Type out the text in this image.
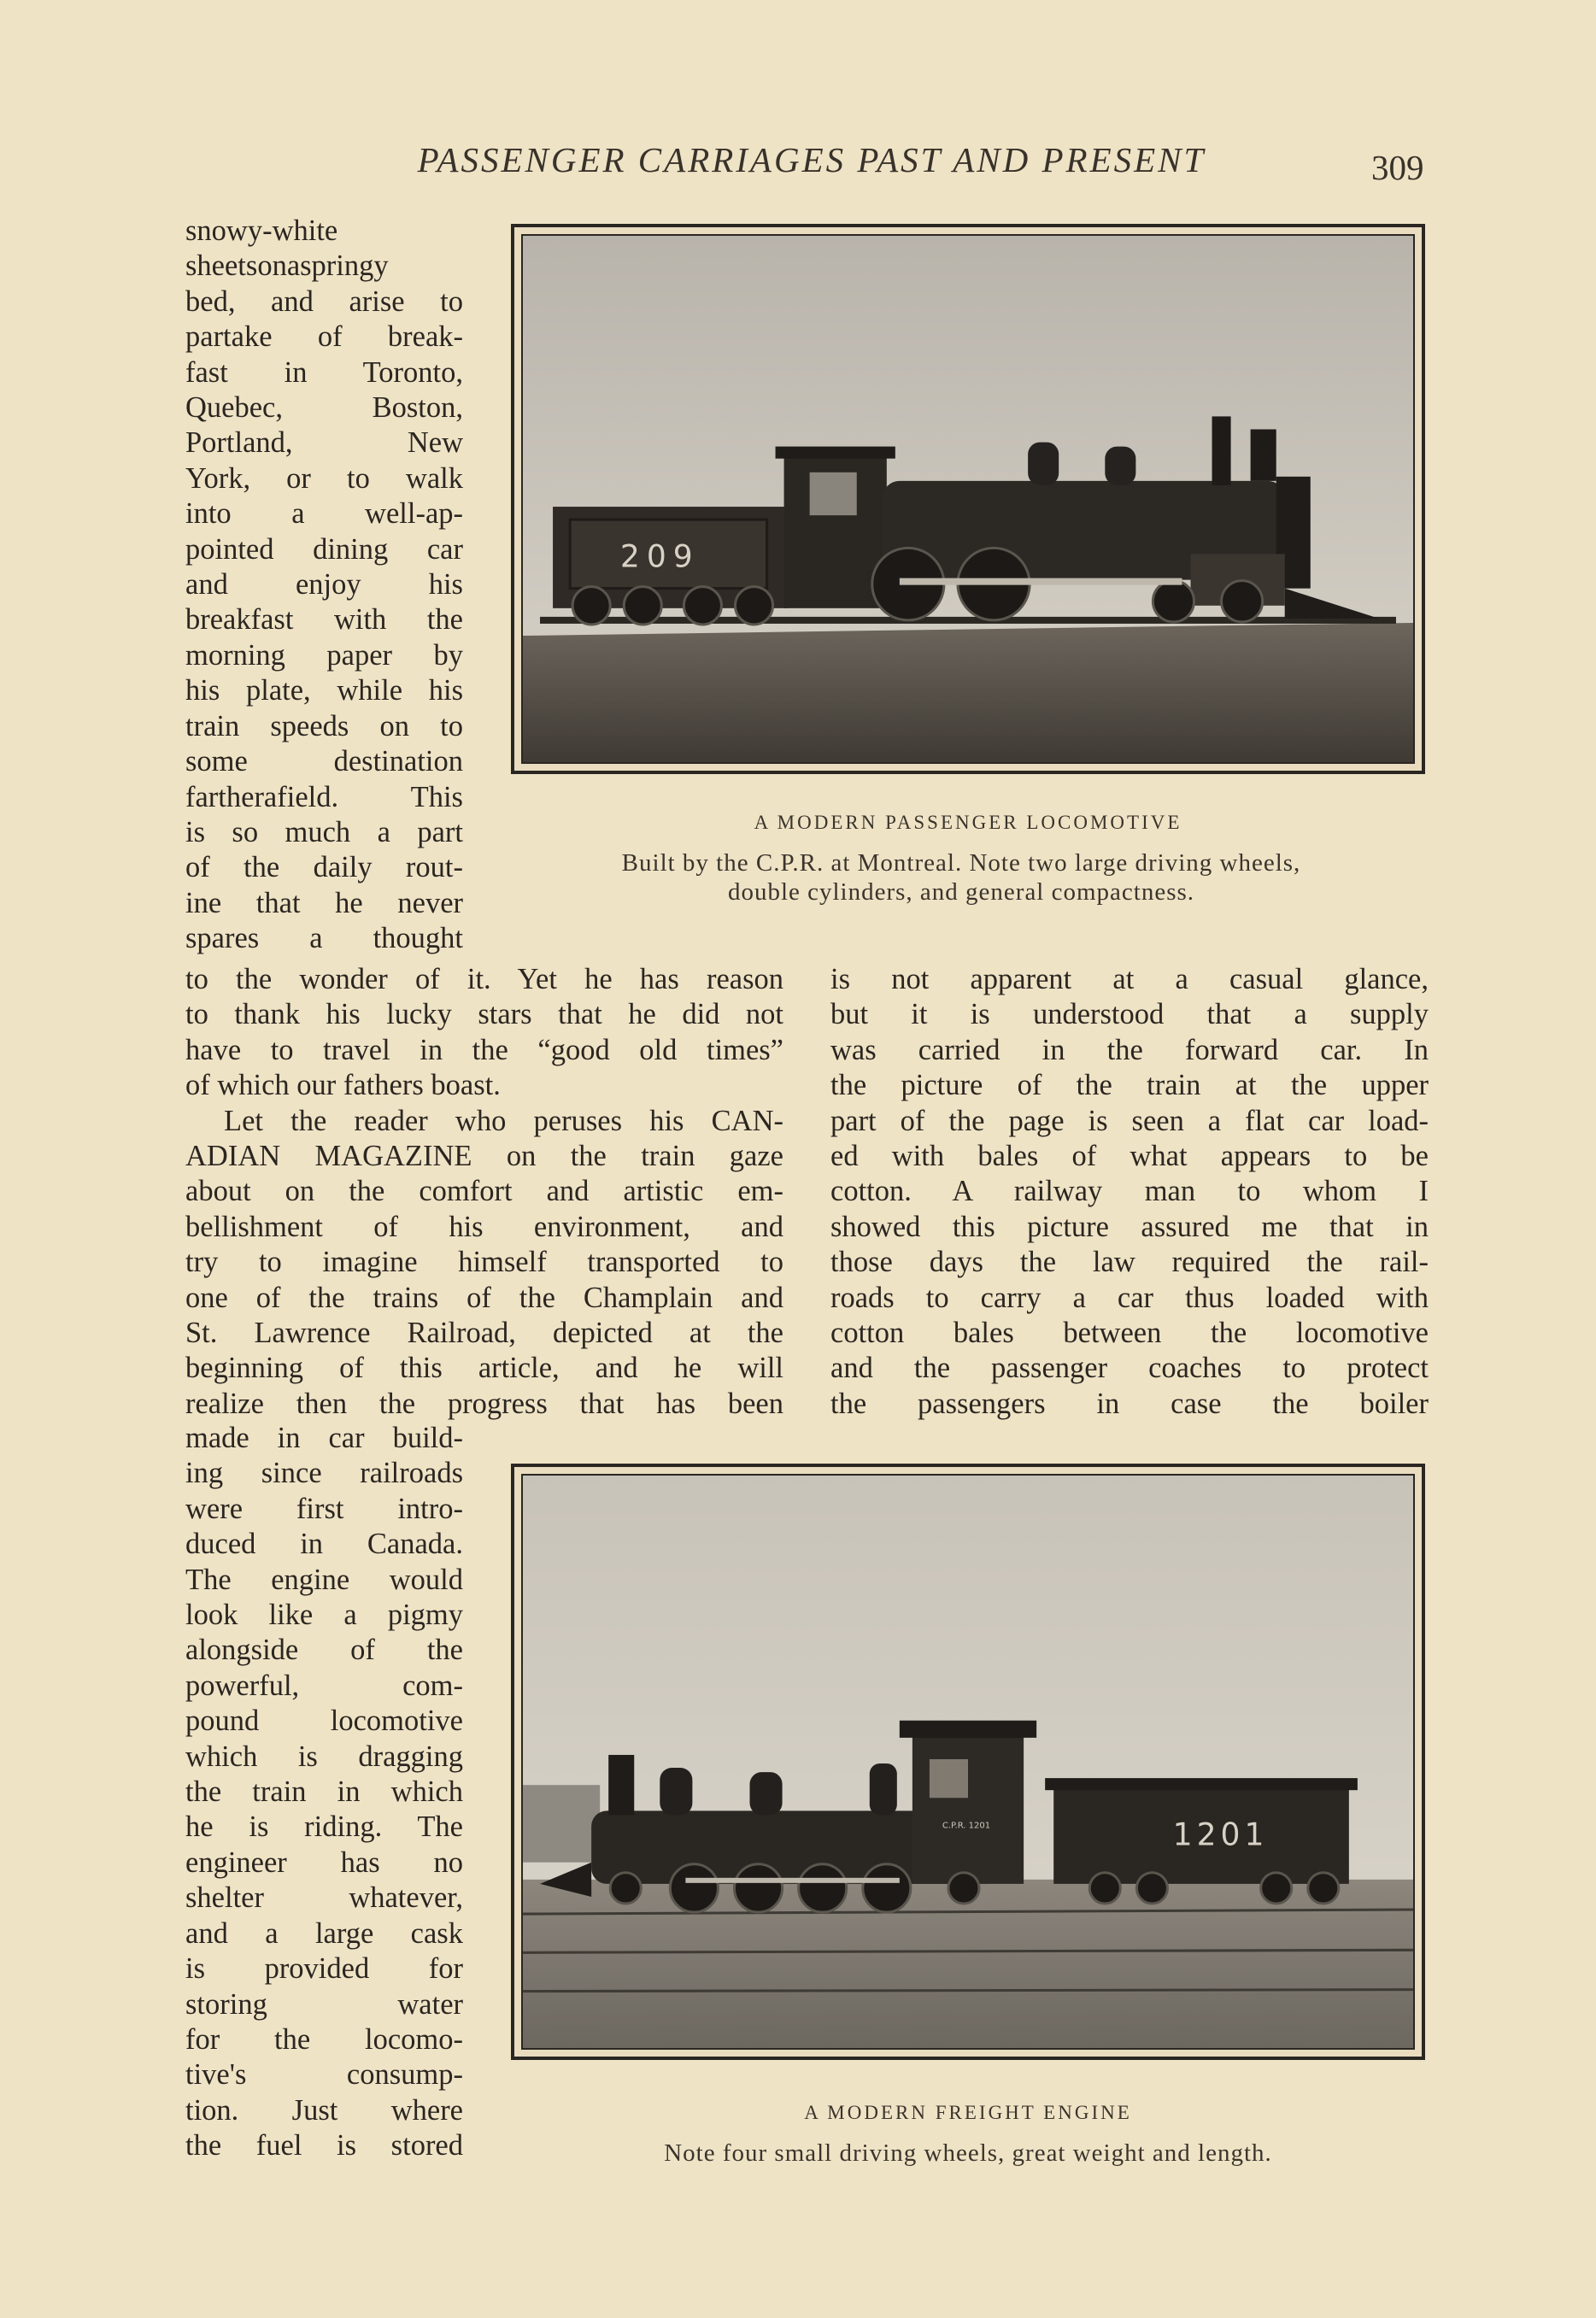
PASSENGER CARRIAGES PAST AND PRESENT	309
snowy-white
sheetsonaspringy
bed, and arise to
partake of break-
fast in Toronto,
Quebec, Boston,
Portland, New
York, or to walk
into a well-ap-
pointed dining car
and enjoy his
breakfast with the
morning paper by
his plate, while his
train speeds on to
some destination
fartherafield. This
is so much a part
of the daily rout-
ine that he never
spares a thought
209
A MODERN PASSENGER LOCOMOTIVE
Built by the C.P.R. at Montreal. Note two large driving wheels,
double cylinders, and general compactness.
to the wonder of it. Yet he has reason
to thank his lucky stars that he did not
have to travel in the “good old times”
of which our fathers boast.
Let the reader who peruses his CAN-
ADIAN MAGAZINE on the train gaze
about on the comfort and artistic em-
bellishment of his environment, and
try to imagine himself transported to
one of the trains of the Champlain and
St. Lawrence Railroad, depicted at the
beginning of this article, and he will
realize then the progress that has been
is not apparent at a casual glance,
but it is understood that a supply
was carried in the forward car. In
the picture of the train at the upper
part of the page is seen a flat car load-
ed with bales of what appears to be
cotton. A railway man to whom I
showed this picture assured me that in
those days the law required the rail-
roads to carry a car thus loaded with
cotton bales between the locomotive
and the passenger coaches to protect
the passengers in case the boiler
made in car build-
ing since railroads
were first intro-
duced in Canada.
The engine would
look like a pigmy
alongside of the
powerful, com-
pound locomotive
which is dragging
the train in which
he is riding. The
engineer has no
shelter whatever,
and a large cask
is provided for
storing water
for the locomo-
tive's consump-
tion. Just where
the fuel is stored
C.P.R. 1201	1201
A MODERN FREIGHT ENGINE
Note four small driving wheels, great weight and length.
